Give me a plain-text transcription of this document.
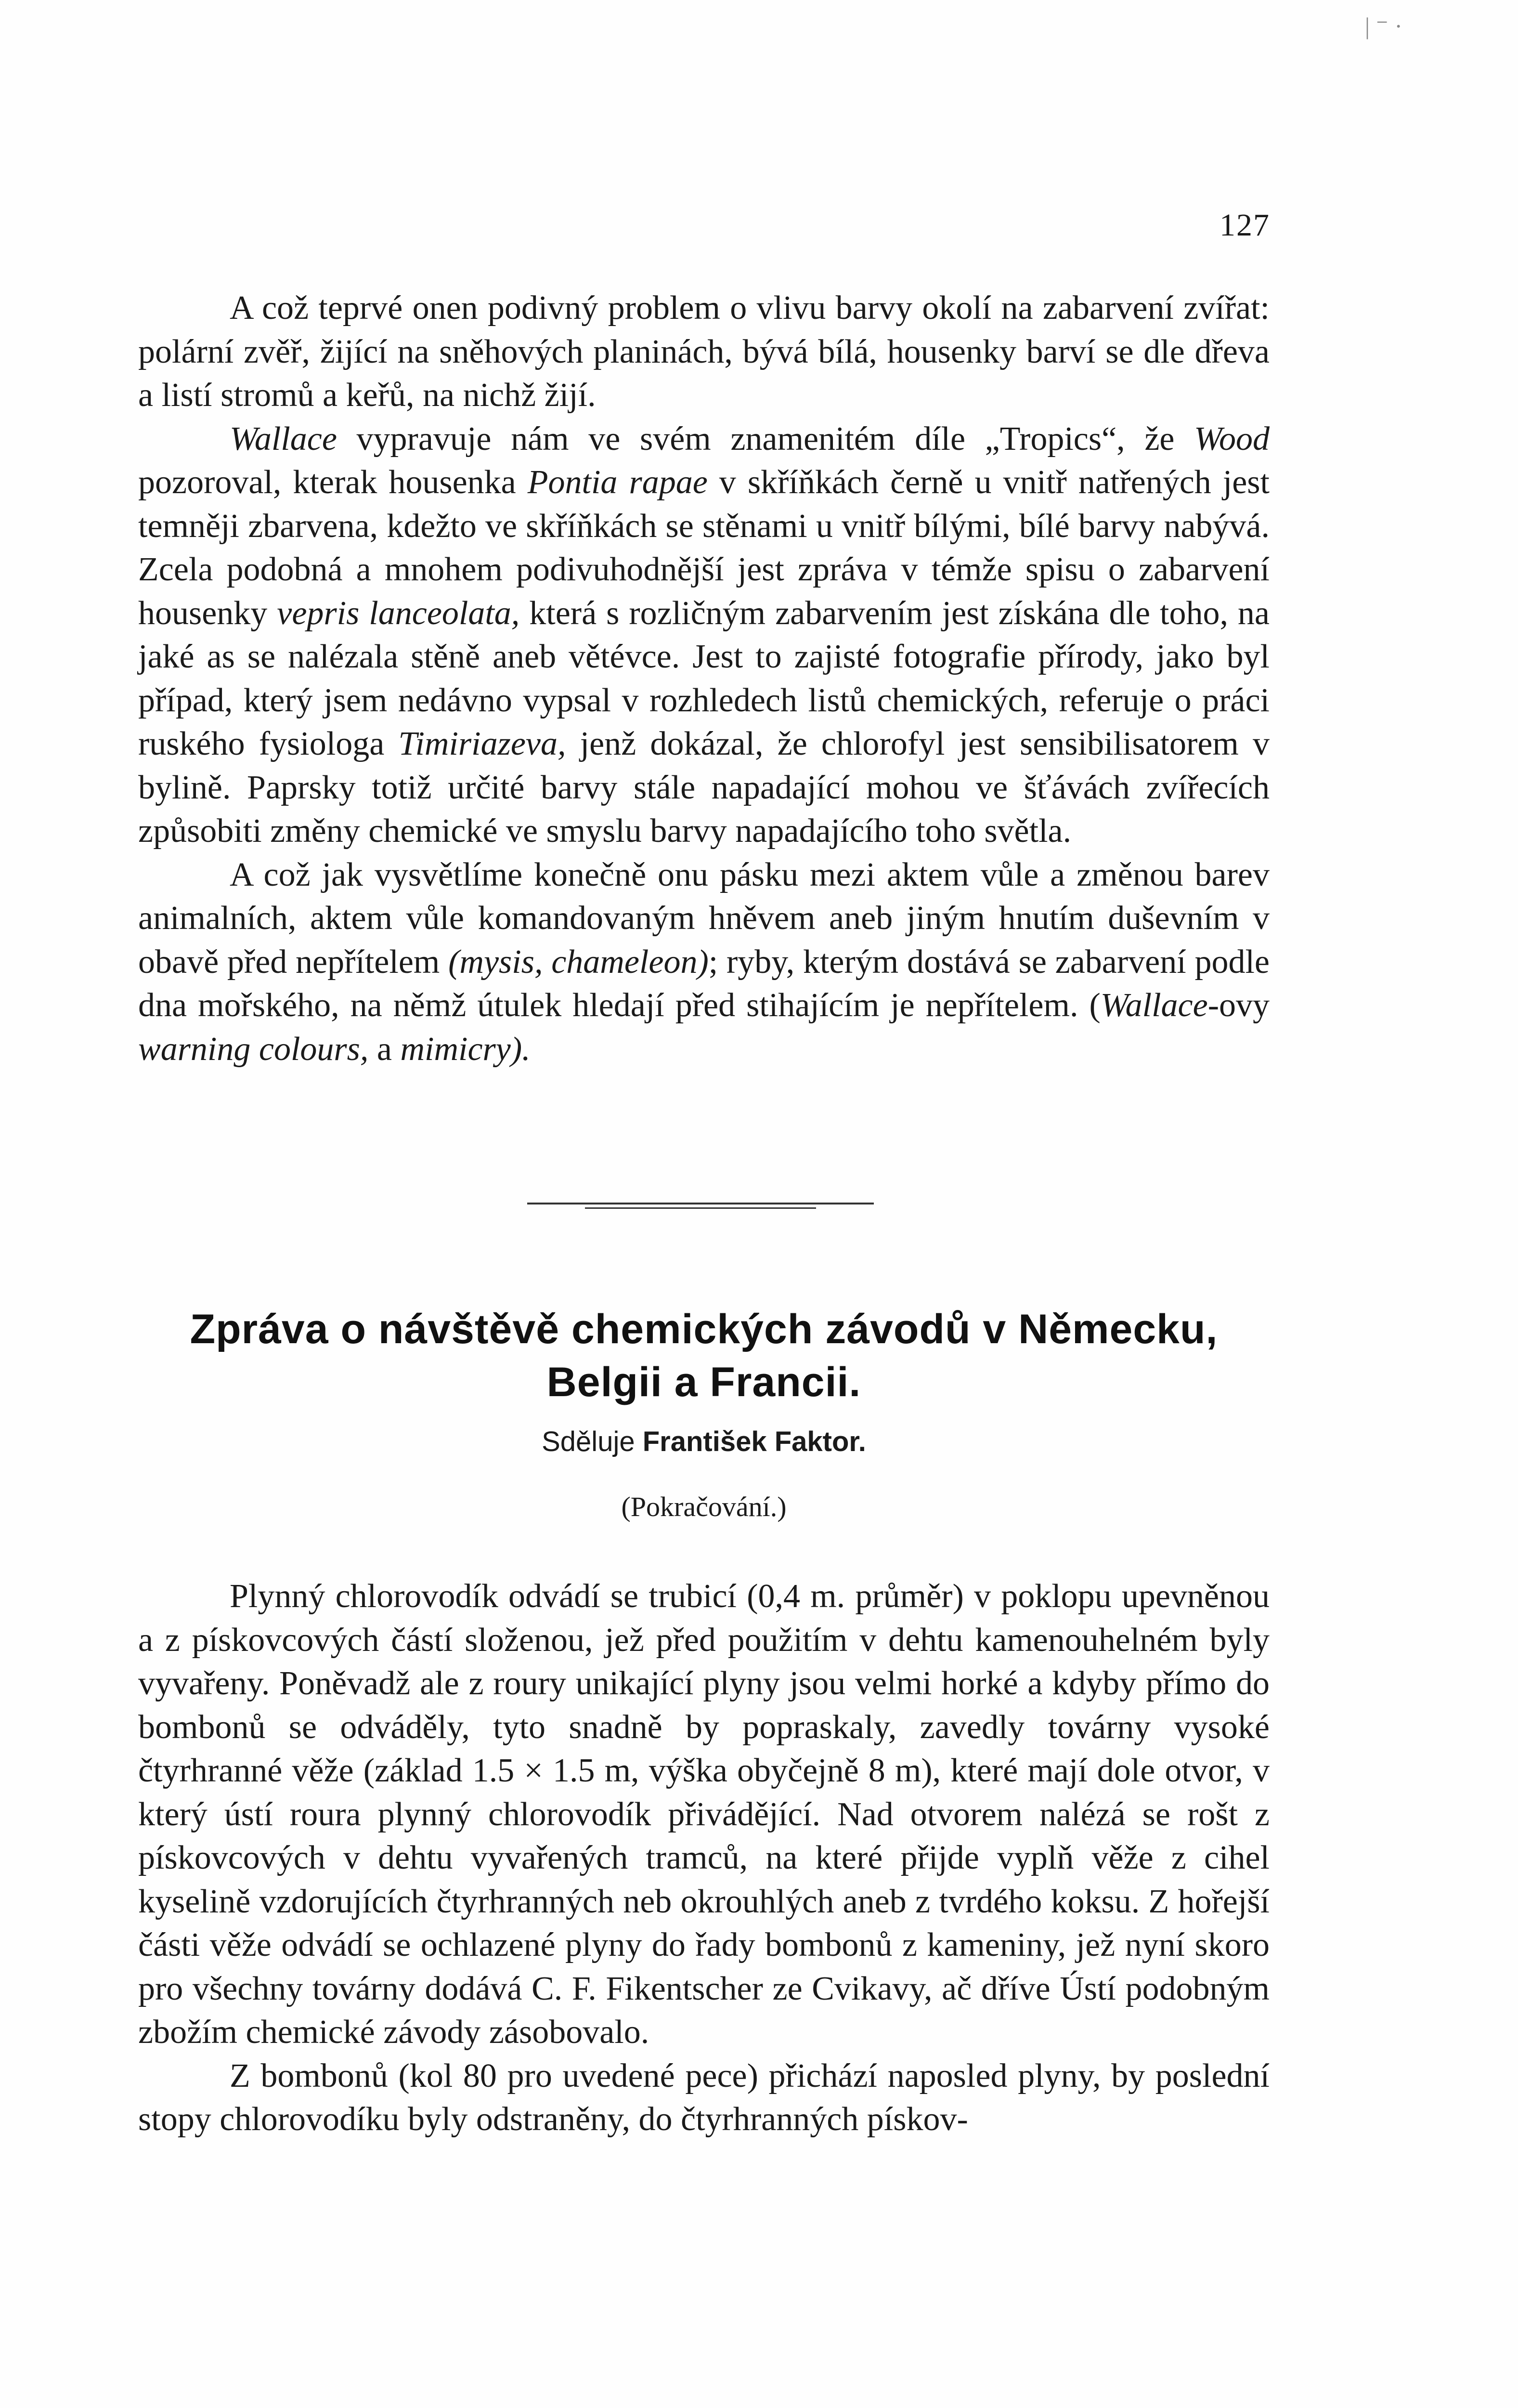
| ⁻ ·
127

A což teprvé onen podivný problem o vlivu barvy okolí na zabarvení zvířat: polární zvěř, žijící na sněhových planinách, bývá bílá, housenky barví se dle dřeva a listí stromů a keřů, na nichž žijí.

Wallace vypravuje nám ve svém znamenitém díle „Tropics“, že Wood pozoroval, kterak housenka Pontia rapae v skříňkách černě u vnitř natřených jest temněji zbarvena, kdežto ve skříňkách se stěnami u vnitř bílými, bílé barvy nabývá. Zcela podobná a mnohem podivuhodnější jest zpráva v témže spisu o zabarvení housenky vepris lanceolata, která s rozličným zabarvením jest získána dle toho, na jaké as se nalézala stěně aneb větévce. Jest to zajisté fotografie přírody, jako byl případ, který jsem nedávno vypsal v rozhledech listů chemických, referuje o práci ruského fysiologa Timiriazeva, jenž dokázal, že chlorofyl jest sensibilisatorem v bylině. Paprsky totiž určité barvy stále napadající mohou ve šťávách zvířecích způsobiti změny chemické ve smyslu barvy napadajícího toho světla.

A což jak vysvětlíme konečně onu pásku mezi aktem vůle a změnou barev animalních, aktem vůle komandovaným hněvem aneb jiným hnutím duševním v obavě před nepřítelem (mysis, chameleon); ryby, kterým dostává se zabarvení podle dna mořského, na němž útulek hledají před stihajícím je nepřítelem. (Wallace-ovy warning colours, a mimicry).

Zpráva o návštěvě chemických závodů v Německu, Belgii a Francii.
Sděluje František Faktor.
(Pokračování.)

Plynný chlorovodík odvádí se trubicí (0,4 m. průměr) v poklopu upevněnou a z pískovcových částí složenou, jež před použitím v dehtu kamenouhelném byly vyvařeny. Poněvadž ale z roury unikající plyny jsou velmi horké a kdyby přímo do bombonů se odváděly, tyto snadně by popraskaly, zavedly továrny vysoké čtyrhranné věže (základ 1.5 × 1.5 m, výška obyčejně 8 m), které mají dole otvor, v který ústí roura plynný chlorovodík přivádějící. Nad otvorem nalézá se rošt z pískovcových v dehtu vyvařených tramců, na které přijde vyplň věže z cihel kyselině vzdorujících čtyrhranných neb okrouhlých aneb z tvrdého koksu. Z hořejší části věže odvádí se ochlazené plyny do řady bombonů z kameniny, jež nyní skoro pro všechny továrny dodává C. F. Fikentscher ze Cvikavy, ač dříve Ústí podobným zbožím chemické závody zásobovalo.

Z bombonů (kol 80 pro uvedené pece) přichází naposled plyny, by poslední stopy chlorovodíku byly odstraněny, do čtyrhranných pískov-
